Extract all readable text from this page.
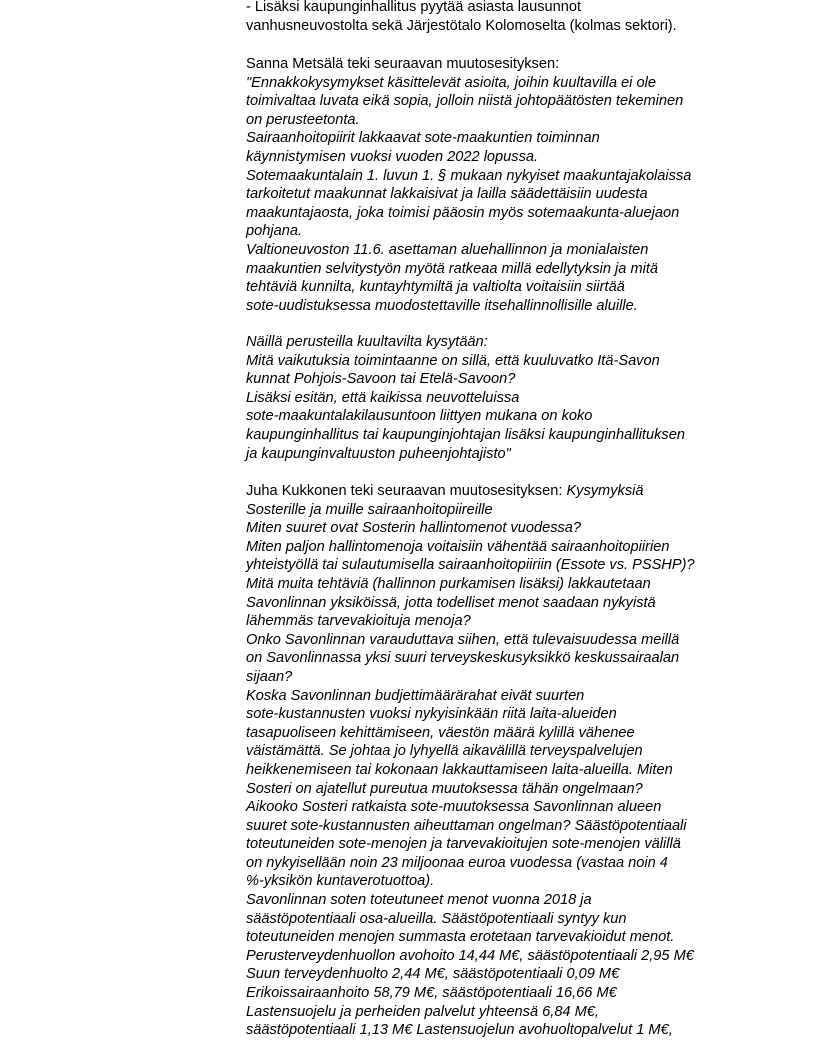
- Lisäksi kaupunginhallitus pyytää asiasta lausunnot
vanhusneuvostolta sekä Järjestötalo Kolomoselta (kolmas sektori).
Sanna Metsälä teki seuraavan muutosesityksen:
"Ennakkokysymykset käsittelevät asioita, joihin kuultavilla ei ole
toimivaltaa luvata eikä sopia, jolloin niistä johtopäätösten tekeminen
on perusteetonta.
Sairaanhoitopiirit lakkaavat sote-maakuntien toiminnan
käynnistymisen vuoksi vuoden 2022 lopussa.
Sotemaakuntalain 1. luvun 1. § mukaan nykyiset maakuntajakolaissa
tarkoitetut maakunnat lakkaisivat ja lailla säädettäisiin uudesta
maakuntajaosta, joka toimisi pääosin myös sotemaakunta-aluejaon
pohjana.
Valtioneuvoston 11.6. asettaman aluehallinnon ja monialaisten
maakuntien selvitystyön myötä ratkeaa millä edellytyksin ja mitä
tehtäviä kunnilta, kuntayhtymiltä ja valtiolta voitaisiin siirtää
sote-uudistuksessa muodostettaville itsehallinnollisille aluille.
Näillä perusteilla kuultavilta kysytään:
Mitä vaikutuksia toimintaanne on sillä, että kuuluvatko Itä-Savon
kunnat Pohjois-Savoon tai Etelä-Savoon?
Lisäksi esitän, että kaikissa neuvotteluissa
sote-maakuntalakilausuntoon liittyen mukana on koko
kaupunginhallitus tai kaupunginjohtajan lisäksi kaupunginhallituksen
ja kaupunginvaltuuston puheenjohtajisto"
Juha Kukkonen teki seuraavan muutosesityksen: Kysymyksiä
Sosterille ja muille sairaanhoitopiireille
Miten suuret ovat Sosterin hallintomenot vuodessa?
Miten paljon hallintomenoja voitaisiin vähentää sairaanhoitopiirien
yhteistyöllä tai sulautumisella sairaanhoitopiiriin (Essote vs. PSSHP)?
Mitä muita tehtäviä (hallinnon purkamisen lisäksi) lakkautetaan
Savonlinnan yksiköissä, jotta todelliset menot saadaan nykyistä
lähemmäs tarvevakioituja menoja?
Onko Savonlinnan varauduttava siihen, että tulevaisuudessa meillä
on Savonlinnassa yksi suuri terveyskeskusyksikkö keskussairaalan
sijaan?
Koska Savonlinnan budjettimäärärahat eivät suurten
sote-kustannusten vuoksi nykyisinkään riitä laita-alueiden
tasapuoliseen kehittämiseen, väestön määrä kylillä vähenee
väistämättä. Se johtaa jo lyhyellä aikavälillä terveyspalvelujen
heikkenemiseen tai kokonaan lakkauttamiseen laita-alueilla. Miten
Sosteri on ajatellut pureutua muutoksessa tähän ongelmaan?
Aikooko Sosteri ratkaista sote-muutoksessa Savonlinnan alueen
suuret sote-kustannusten aiheuttaman ongelman? Säästöpotentiaali
toteutuneiden sote-menojen ja tarvevakioitujen sote-menojen välillä
on nykyisellään noin 23 miljoonaa euroa vuodessa (vastaa noin 4
%-yksikön kuntaverotuottoa).
Savonlinnan soten toteutuneet menot vuonna 2018 ja
säästöpotentiaali osa-alueilla. Säästöpotentiaali syntyy kun
toteutuneiden menojen summasta erotetaan tarvevakioidut menot.
Perusterveydenhuollon avohoito 14,44 M€, säästöpotentiaali 2,95 M€
Suun terveydenhuolto 2,44 M€, säästöpotentiaali 0,09 M€
Erikoissairaanhoito 58,79 M€, säästöpotentiaali 16,66 M€
Lastensuojelu ja perheiden palvelut yhteensä 6,84 M€,
säästöpotentiaali 1,13 M€ Lastensuojelun avohuoltopalvelut 1 M€,
